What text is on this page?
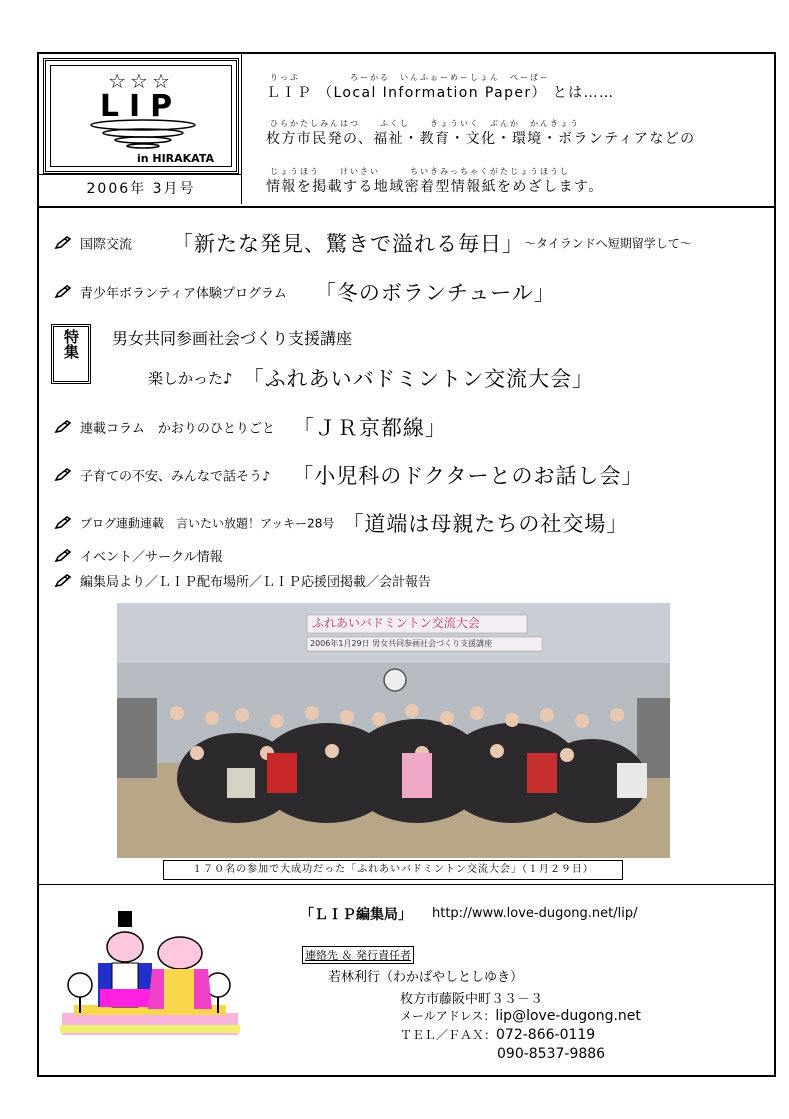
☆☆☆
LIP
in HIRAKATA
2006年 3月号
りっぷ　　　　　ろーかる　いんふぉーめーしょん　ぺーぱー
ＬＩＰ （Local Information Paper） とは……
ひらかたしみんはつ　　ふくし　　きょういく　ぶんか　かんきょう
枚方市民発の、福祉・教育・文化・環境・ボランティアなどの
じょうほう　　けいさい　　　ちいきみっちゃくがたじょうほうし
情報を掲載する地域密着型情報紙をめざします。
国際交流 「新たな発見、驚きで溢れる毎日」～タイランドへ短期留学して～
青少年ボランティア体験プログラム 「冬のボランチュール」
特集	男女共同参画社会づくり支援講座
楽しかった♪ 「ふれあいバドミントン交流大会」
連載コラム　かおりのひとりごと 「ＪＲ京都線」
子育ての不安、みんなで話そう♪ 「小児科のドクターとのお話し会」
ブログ連動連載　言いたい放題！アッキー28号 「道端は母親たちの社交場」
イベント／サークル情報
編集局より／ＬＩＰ配布場所／ＬＩＰ応援団掲載／会計報告
ふれあいバドミントン交流大会
2006年1月29日 男女共同参画社会づくり支援講座
１７０名の参加で大成功だった「ふれあいバドミントン交流大会」（１月２９日）
「ＬＩＰ編集局」 http://www.love-dugong.net/lip/
連絡先 ＆ 発行責任者
若林利行（わかばやしとしゆき）
枚方市藤阪中町３３－３
メールアドレス：lip@love-dugong.net
ＴＥＬ／ＦＡＸ：072-866-0119
090-8537-9886
